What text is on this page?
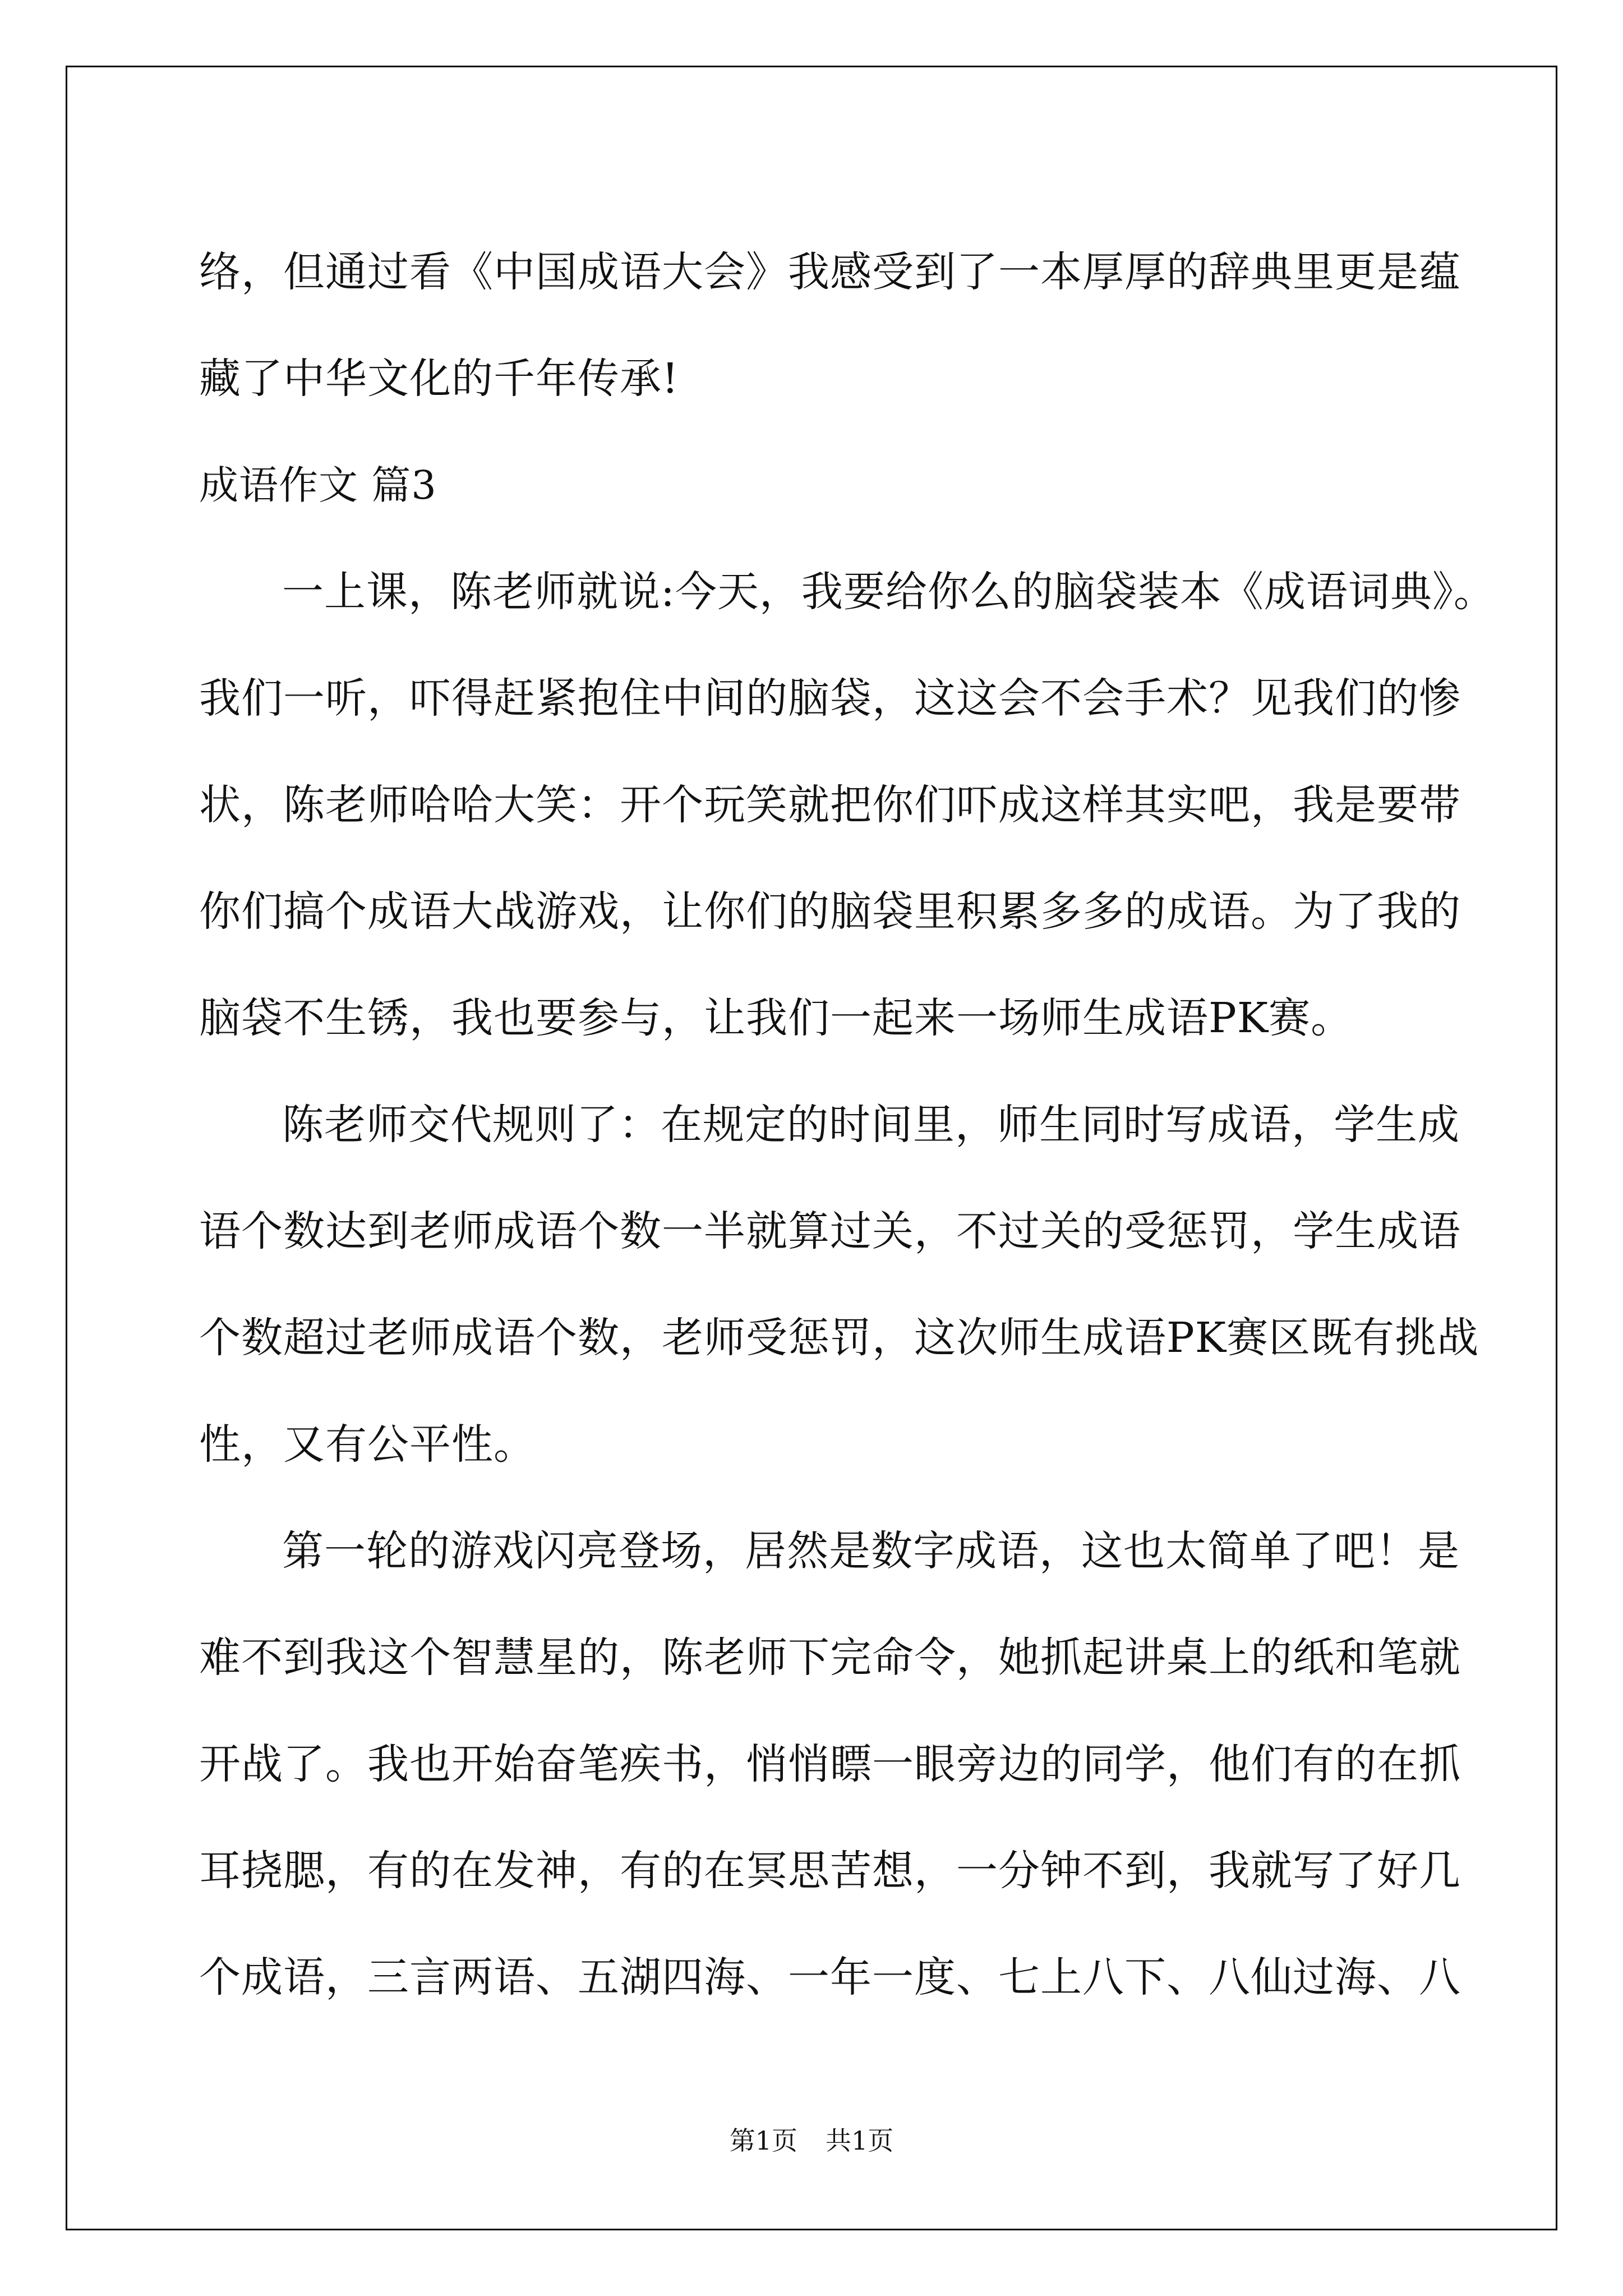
络，但通过看《中国成语大会》我感受到了一本厚厚的辞典里更是蕴
藏了中华文化的千年传承!
成语作文 篇3
一上课，陈老师就说:今天，我要给你么的脑袋装本《成语词典》。
我们一听，吓得赶紧抱住中间的脑袋，这这会不会手术？见我们的惨
状，陈老师哈哈大笑：开个玩笑就把你们吓成这样其实吧，我是要带
你们搞个成语大战游戏，让你们的脑袋里积累多多的成语。为了我的
脑袋不生锈，我也要参与，让我们一起来一场师生成语PK赛。
陈老师交代规则了：在规定的时间里，师生同时写成语，学生成
语个数达到老师成语个数一半就算过关，不过关的受惩罚，学生成语
个数超过老师成语个数，老师受惩罚，这次师生成语PK赛区既有挑战
性，又有公平性。
第一轮的游戏闪亮登场，居然是数字成语，这也太简单了吧！是
难不到我这个智慧星的，陈老师下完命令，她抓起讲桌上的纸和笔就
开战了。我也开始奋笔疾书，悄悄瞟一眼旁边的同学，他们有的在抓
耳挠腮，有的在发神，有的在冥思苦想，一分钟不到，我就写了好几
个成语，三言两语、五湖四海、一年一度、七上八下、八仙过海、八
第1页 共1页
